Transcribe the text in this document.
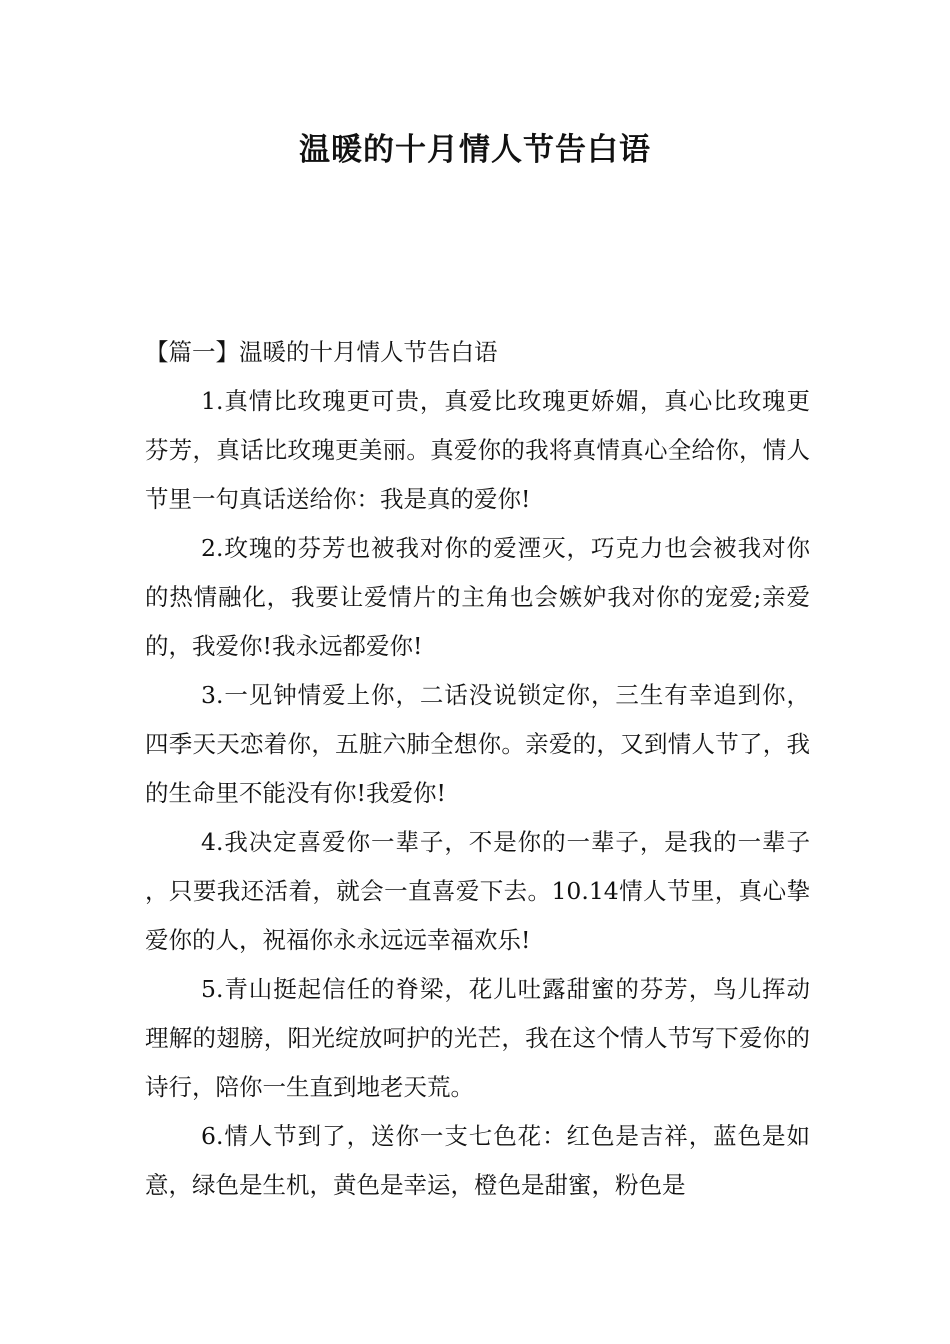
温暖的十月情人节告白语

【篇一】温暖的十月情人节告白语

1.真情比玫瑰更可贵，真爱比玫瑰更娇媚，真心比玫瑰更芬芳，真话比玫瑰更美丽。真爱你的我将真情真心全给你，情人节里一句真话送给你：我是真的爱你!

2.玫瑰的芬芳也被我对你的爱湮灭，巧克力也会被我对你的热情融化，我要让爱情片的主角也会嫉妒我对你的宠爱;亲爱的，我爱你!我永远都爱你!

3.一见钟情爱上你，二话没说锁定你，三生有幸追到你，四季天天恋着你，五脏六肺全想你。亲爱的，又到情人节了，我的生命里不能没有你!我爱你!

4.我决定喜爱你一辈子，不是你的一辈子，是我的一辈子，只要我还活着，就会一直喜爱下去。10.14情人节里，真心挚爱你的人，祝福你永永远远幸福欢乐!

5.青山挺起信任的脊梁，花儿吐露甜蜜的芬芳，鸟儿挥动理解的翅膀，阳光绽放呵护的光芒，我在这个情人节写下爱你的诗行，陪你一生直到地老天荒。

6.情人节到了，送你一支七色花：红色是吉祥，蓝色是如意，绿色是生机，黄色是幸运，橙色是甜蜜，粉色是
